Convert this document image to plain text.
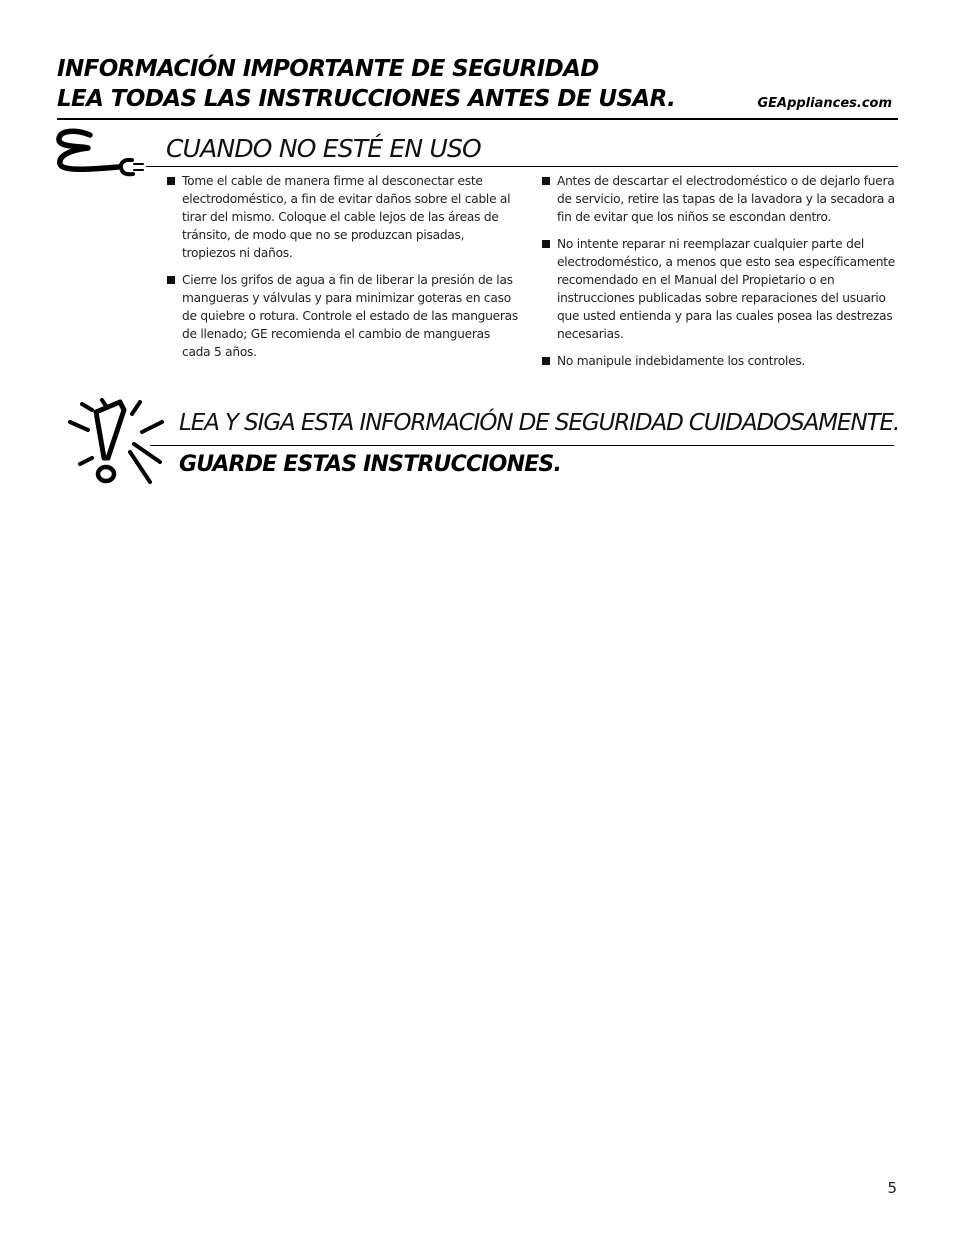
INFORMACIÓN IMPORTANTE DE SEGURIDAD
LEA TODAS LAS INSTRUCCIONES ANTES DE USAR.	GEAppliances.com
CUANDO NO ESTÉ EN USO
Tome el cable de manera firme al desconectar este electrodoméstico, a fin de evitar daños sobre el cable al tirar del mismo. Coloque el cable lejos de las áreas de tránsito, de modo que no se produzcan pisadas, tropiezos ni daños.
Cierre los grifos de agua a fin de liberar la presión de las mangueras y válvulas y para minimizar goteras en caso de quiebre o rotura. Controle el estado de las mangueras de llenado; GE recomienda el cambio de mangueras cada 5 años.
Antes de descartar el electrodoméstico o de dejarlo fuera de servicio, retire las tapas de la lavadora y la secadora a fin de evitar que los niños se escondan dentro.
No intente reparar ni reemplazar cualquier parte del electrodoméstico, a menos que esto sea específicamente recomendado en el Manual del Propietario o en instrucciones publicadas sobre reparaciones del usuario que usted entienda y para las cuales posea las destrezas necesarias.
No manipule indebidamente los controles.
LEA Y SIGA ESTA INFORMACIÓN DE SEGURIDAD CUIDADOSAMENTE.
GUARDE ESTAS INSTRUCCIONES.
5
